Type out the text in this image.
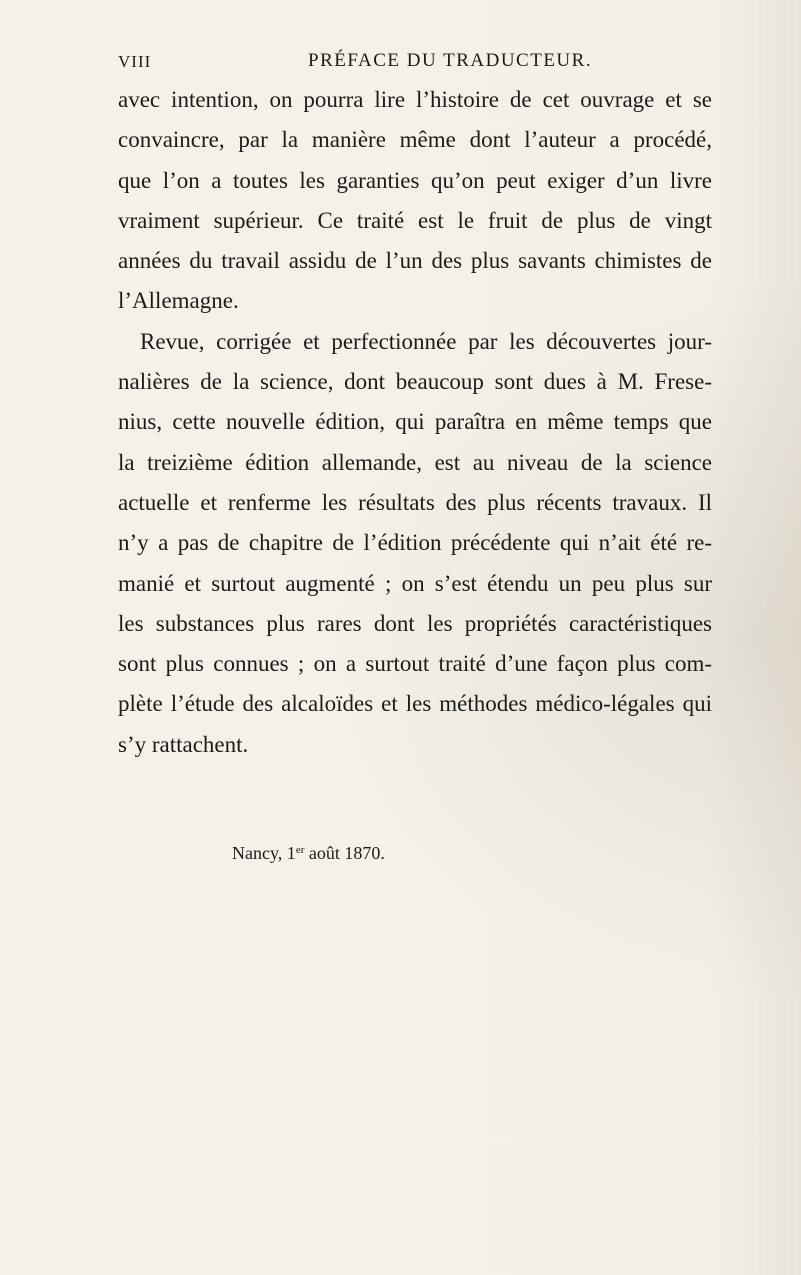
VIII	PRÉFACE DU TRADUCTEUR.
avec intention, on pourra lire l’histoire de cet ouvrage et se
convaincre, par la manière même dont l’auteur a procédé,
que l’on a toutes les garanties qu’on peut exiger d’un livre
vraiment supérieur. Ce traité est le fruit de plus de vingt
années du travail assidu de l’un des plus savants chimistes de
l’Allemagne.
Revue, corrigée et perfectionnée par les découvertes jour-
nalières de la science, dont beaucoup sont dues à M. Frese-
nius, cette nouvelle édition, qui paraîtra en même temps que
la treizième édition allemande, est au niveau de la science
actuelle et renferme les résultats des plus récents travaux. Il
n’y a pas de chapitre de l’édition précédente qui n’ait été re-
manié et surtout augmenté ; on s’est étendu un peu plus sur
les substances plus rares dont les propriétés caractéristiques
sont plus connues ; on a surtout traité d’une façon plus com-
plète l’étude des alcaloïdes et les méthodes médico-légales qui
s’y rattachent.
Nancy, 1er août 1870.
